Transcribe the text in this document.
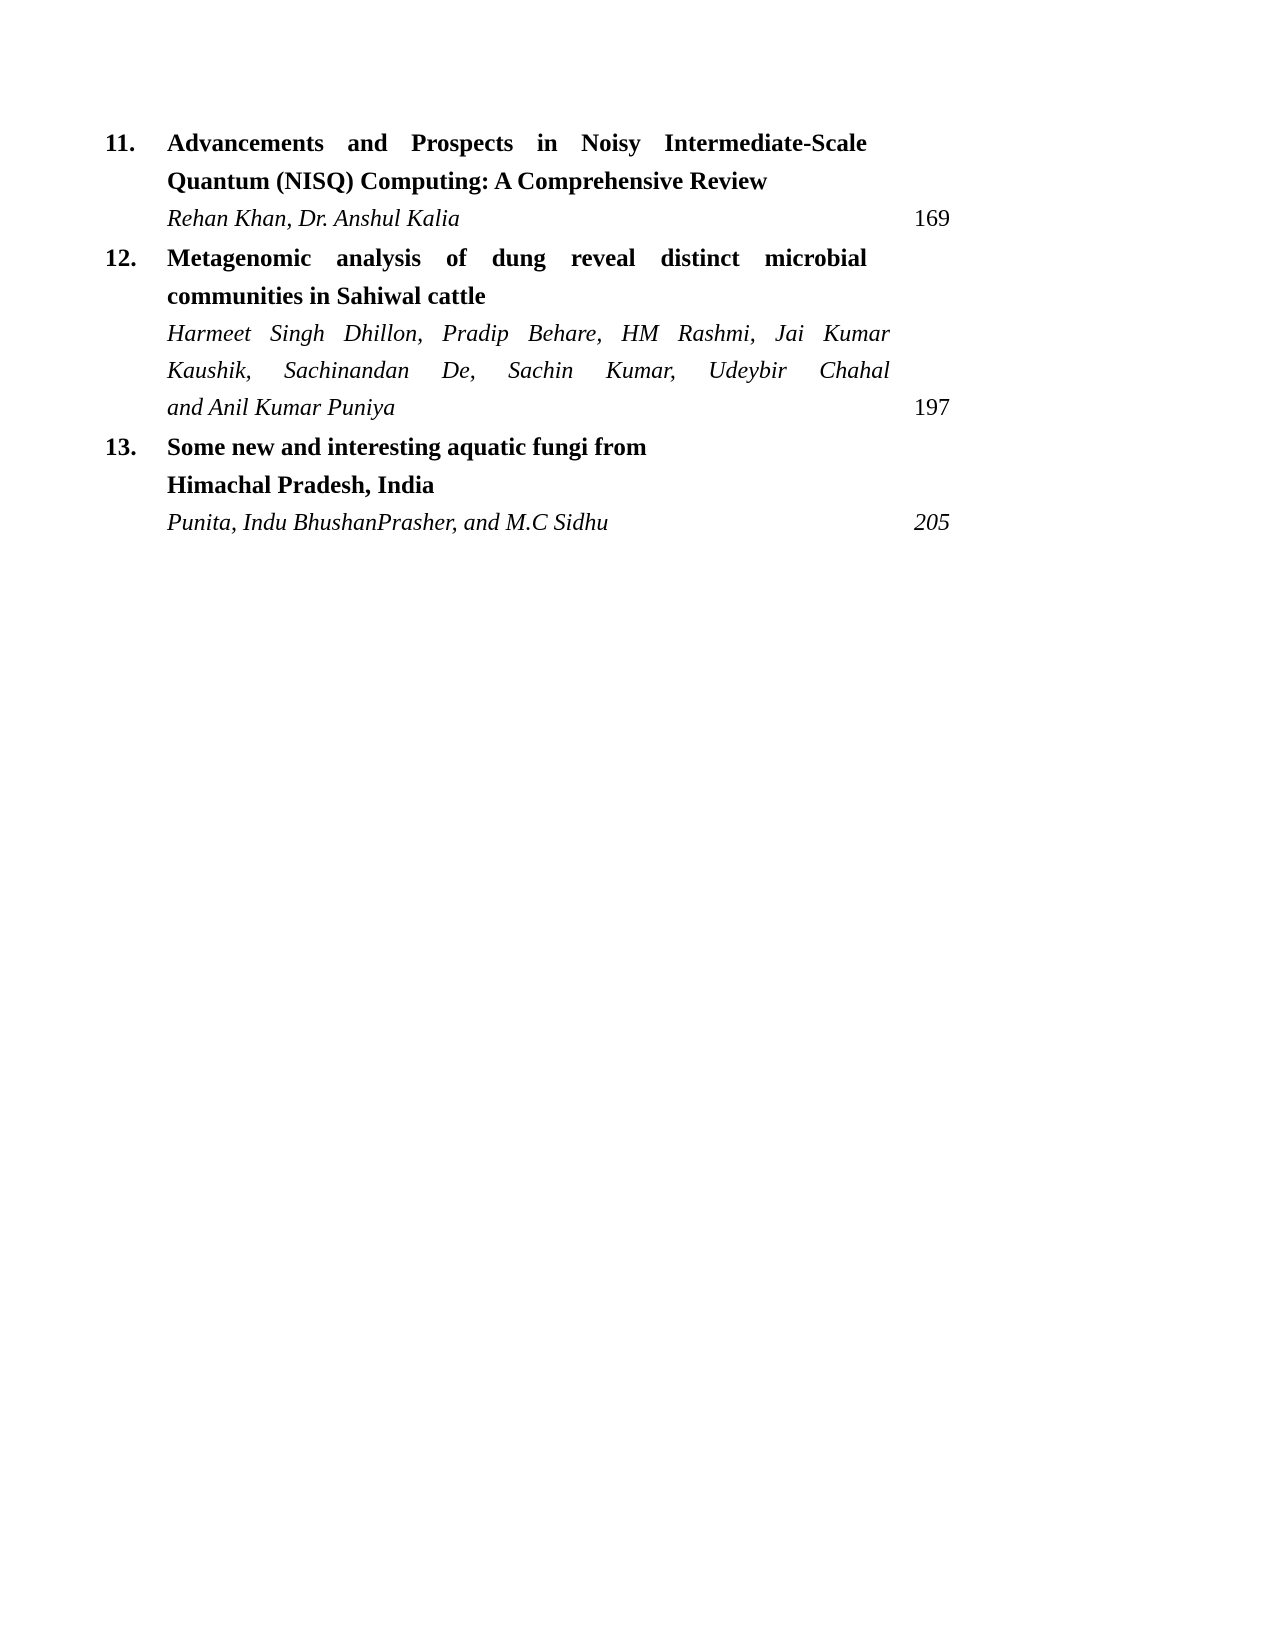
11.	Advancements and Prospects in Noisy Intermediate-Scale
Quantum (NISQ) Computing: A Comprehensive Review
Rehan Khan, Dr. Anshul Kalia	169
12.	Metagenomic analysis of dung reveal distinct microbial
communities in Sahiwal cattle
Harmeet Singh Dhillon, Pradip Behare, HM Rashmi, Jai Kumar
Kaushik, Sachinandan De, Sachin Kumar, Udeybir Chahal
and Anil Kumar Puniya	197
13.	Some new and interesting aquatic fungi from
Himachal Pradesh, India
Punita, Indu BhushanPrasher, and M.C Sidhu	205
